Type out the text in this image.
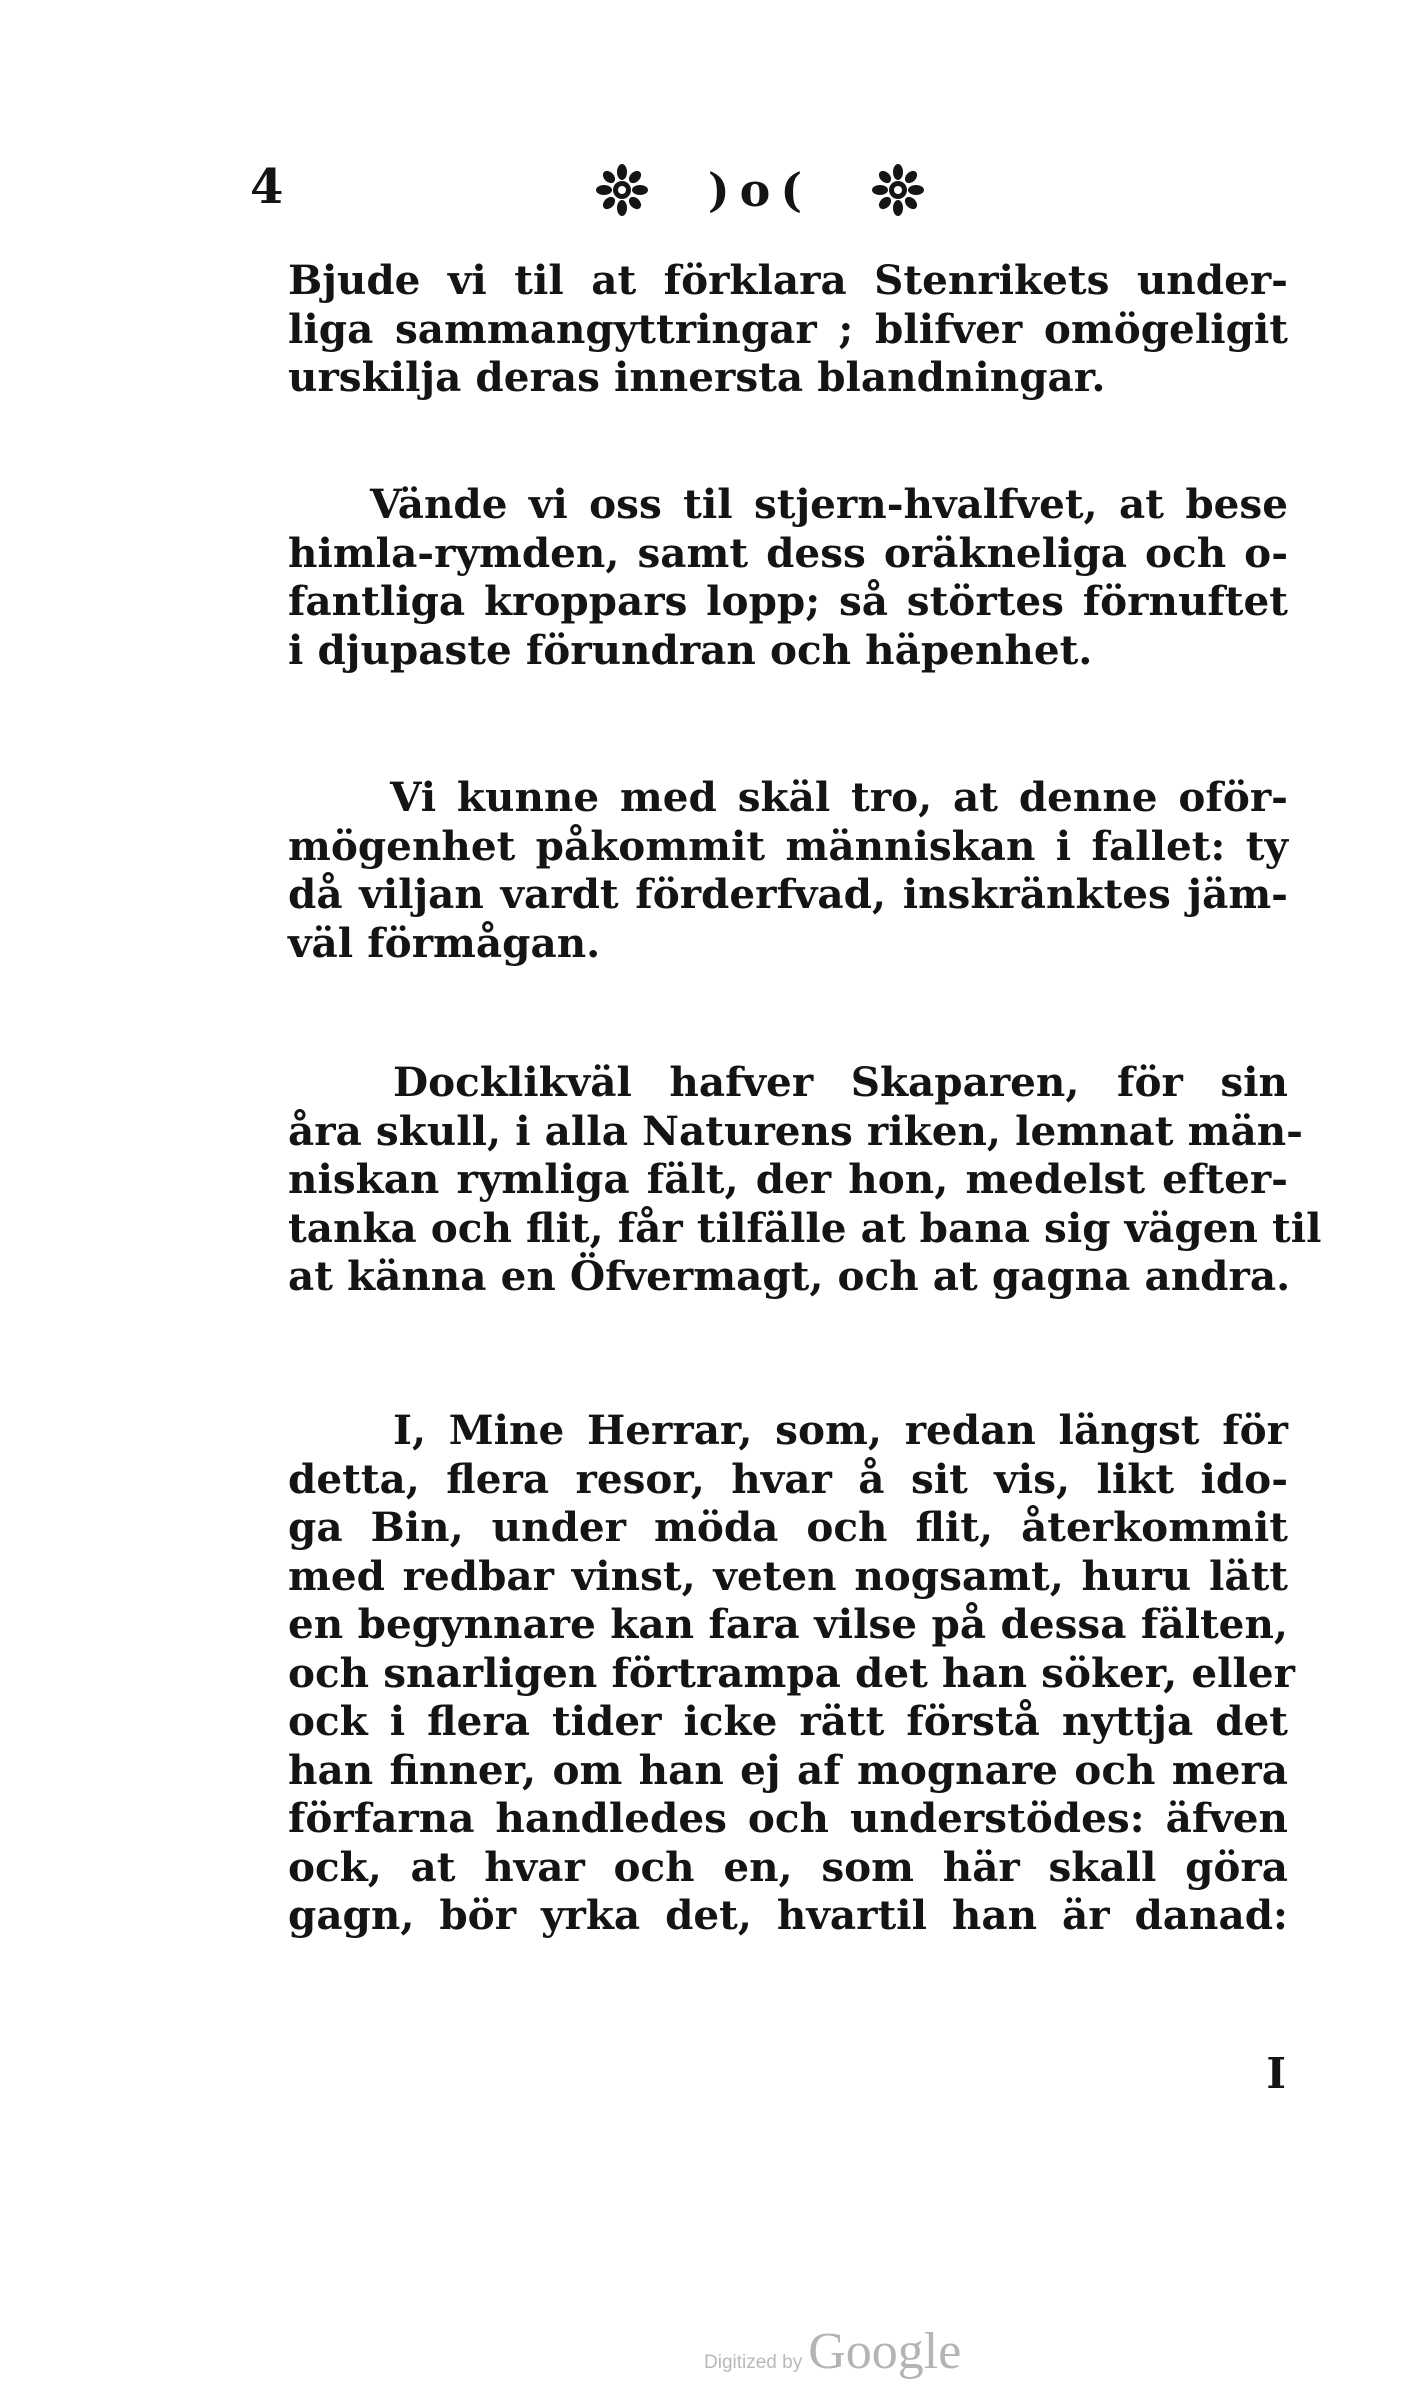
4	)o(
Bjude vi til at förklara Stenrikets under-
liga sammangyttringar ; blifver omögeligit
urskilja deras innersta blandningar.
Vände vi oss til stjern-hvalfvet, at bese
himla-rymden, samt dess oräkneliga och o-
fantliga kroppars lopp; så störtes förnuftet
i djupaste förundran och häpenhet.
Vi kunne med skäl tro, at denne oför-
mögenhet påkommit människan i fallet: ty
då viljan vardt förderfvad, inskränktes jäm-
väl förmågan.
Docklikväl hafver Skaparen, för sin
åra skull, i alla Naturens riken, lemnat män-
niskan rymliga fält, der hon, medelst efter-
tanka och flit, får tilfälle at bana sig vägen til
at känna en Öfvermagt, och at gagna andra.
I, Mine Herrar, som, redan längst för
detta, flera resor, hvar å sit vis, likt ido-
ga Bin, under möda och flit, återkommit
med redbar vinst, veten nogsamt, huru lätt
en begynnare kan fara vilse på dessa fälten,
och snarligen förtrampa det han söker, eller
ock i flera tider icke rätt förstå nyttja det
han finner, om han ej af mognare och mera
förfarna handledes och understödes: äfven
ock, at hvar och en, som här skall göra
gagn, bör yrka det, hvartil han är danad:
I
Digitized by Google
